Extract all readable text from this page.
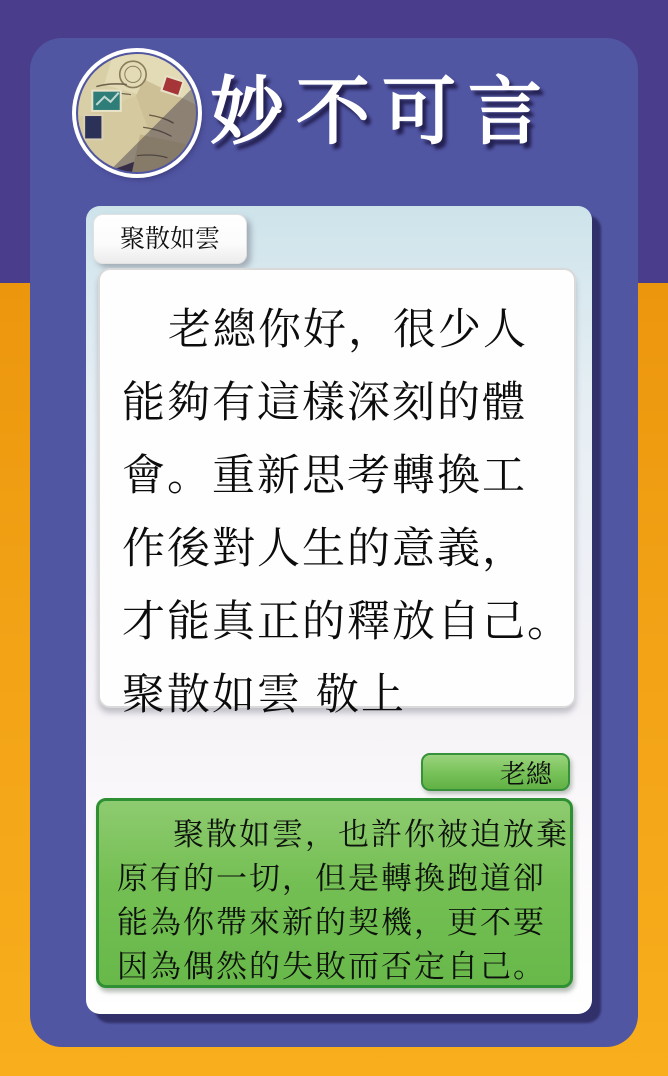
妙不可言
聚散如雲
老總你好，很少人
能夠有這樣深刻的體
會。重新思考轉換工
作後對人生的意義，
才能真正的釋放自己。
聚散如雲 敬上
老總
聚散如雲，也許你被迫放棄
原有的一切，但是轉換跑道卻
能為你帶來新的契機，更不要
因為偶然的失敗而否定自己。
